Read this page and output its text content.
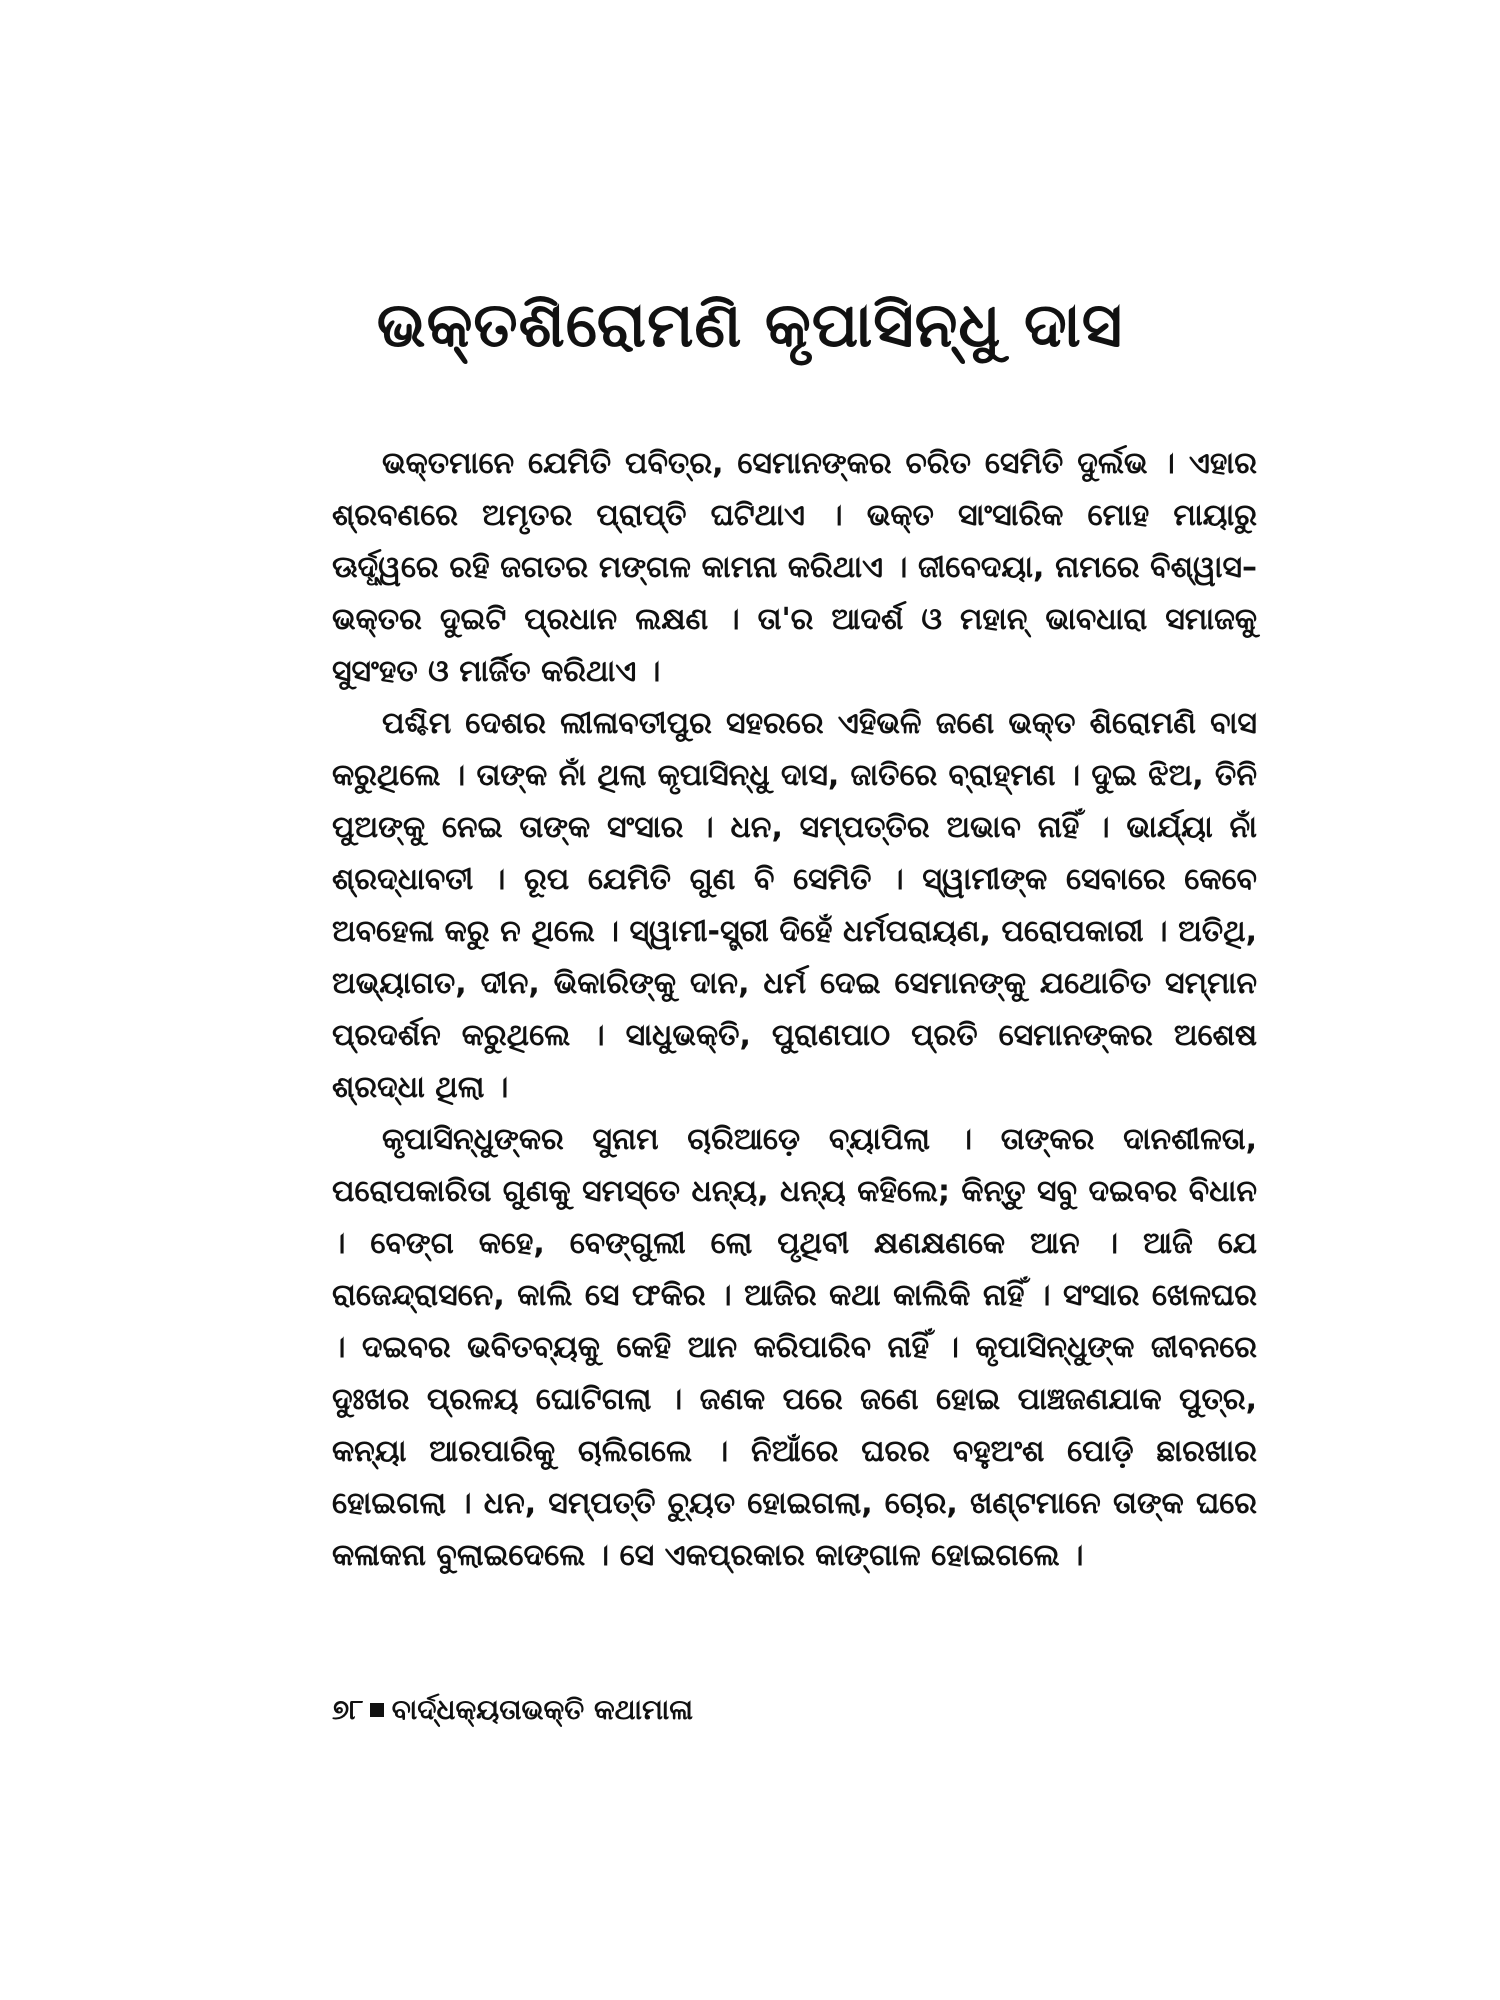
ଭକ୍ତଶିରୋମଣି କୃପାସିନ୍ଧୁ ଦାସ

ଭକ୍ତମାନେ ଯେମିତି ପବିତ୍ର, ସେମାନଙ୍କର ଚରିତ ସେମିତି ଦୁର୍ଲଭ । ଏହାର ଶ୍ରବଣରେ ଅମୃତର ପ୍ରାପ୍ତି ଘଟିଥାଏ । ଭକ୍ତ ସାଂସାରିକ ମୋହ ମାୟାରୁ ଊର୍ଦ୍ଧ୍ୱରେ ରହି ଜଗତର ମଙ୍ଗଳ କାମନା କରିଥାଏ । ଜୀବେଦୟା, ନାମରେ ବିଶ୍ୱାସ– ଭକ୍ତର ଦୁଇଟି ପ୍ରଧାନ ଲକ୍ଷଣ । ତା'ର ଆଦର୍ଶ ଓ ମହାନ୍ ଭାବଧାରା ସମାଜକୁ ସୁସଂହତ ଓ ମାର୍ଜିତ କରିଥାଏ ।

ପଶ୍ଚିମ ଦେଶର ଲୀଳାବତୀପୁର ସହରରେ ଏହିଭଳି ଜଣେ ଭକ୍ତ ଶିରୋମଣି ବାସ କରୁଥିଲେ । ତାଙ୍କ ନାଁ ଥିଲା କୃପାସିନ୍ଧୁ ଦାସ, ଜାତିରେ ବ୍ରାହ୍ମଣ । ଦୁଇ ଝିଅ, ତିନି ପୁଅଙ୍କୁ ନେଇ ତାଙ୍କ ସଂସାର । ଧନ, ସମ୍ପତ୍ତିର ଅଭାବ ନାହିଁ । ଭାର୍ଯ୍ୟା ନାଁ ଶ୍ରଦ୍ଧାବତୀ । ରୂପ ଯେମିତି ଗୁଣ ବି ସେମିତି । ସ୍ୱାମୀଙ୍କ ସେବାରେ କେବେ ଅବହେଳା କରୁ ନ ଥିଲେ । ସ୍ୱାମୀ-ସ୍ତ୍ରୀ ଦିହେଁ ଧର୍ମପରାୟଣ, ପରୋପକାରୀ । ଅତିଥି, ଅଭ୍ୟାଗତ, ଦୀନ, ଭିକାରିଙ୍କୁ ଦାନ, ଧର୍ମ ଦେଇ ସେମାନଙ୍କୁ ଯଥୋଚିତ ସମ୍ମାନ ପ୍ରଦର୍ଶନ କରୁଥିଲେ । ସାଧୁଭକ୍ତି, ପୁରାଣପାଠ ପ୍ରତି ସେମାନଙ୍କର ଅଶେଷ ଶ୍ରଦ୍ଧା ଥିଲା ।

କୃପାସିନ୍ଧୁଙ୍କର ସୁନାମ ଚାରିଆଡ଼େ ବ୍ୟାପିଲା । ତାଙ୍କର ଦାନଶୀଳତା, ପରୋପକାରିତା ଗୁଣକୁ ସମସ୍ତେ ଧନ୍ୟ, ଧନ୍ୟ କହିଲେ; କିନ୍ତୁ ସବୁ ଦଇବର ବିଧାନ । ବେଙ୍ଗ କହେ, ବେଙ୍ଗୁଲୀ ଲୋ ପୃଥିବୀ କ୍ଷଣକ୍ଷଣକେ ଆନ । ଆଜି ଯେ ରାଜେନ୍ଦ୍ରାସନେ, କାଲି ସେ ଫକିର । ଆଜିର କଥା କାଲିକି ନାହିଁ । ସଂସାର ଖେଳଘର । ଦଇବର ଭବିତବ୍ୟକୁ କେହି ଆନ କରିପାରିବ ନାହିଁ । କୃପାସିନ୍ଧୁଙ୍କ ଜୀବନରେ ଦୁଃଖର ପ୍ରଳୟ ଘୋଟିଗଲା । ଜଣକ ପରେ ଜଣେ ହୋଇ ପାଞ୍ଚଜଣଯାକ ପୁତ୍ର, କନ୍ୟା ଆରପାରିକୁ ଚାଲିଗଲେ । ନିଆଁରେ ଘରର ବହୁଅଂଶ ପୋଡ଼ି ଛାରଖାର ହୋଇଗଲା । ଧନ, ସମ୍ପତ୍ତି ଚ୍ୟୁତ ହୋଇଗଲା, ଚୋର, ଖଣ୍ଟମାନେ ତାଙ୍କ ଘରେ କଳାକନା ବୁଲାଇଦେଲେ । ସେ ଏକପ୍ରକାର କାଙ୍ଗାଳ ହୋଇଗଲେ ।

୭୮ ବାର୍ଦ୍ଧକ୍ୟତାଭକ୍ତି କଥାମାଳା
